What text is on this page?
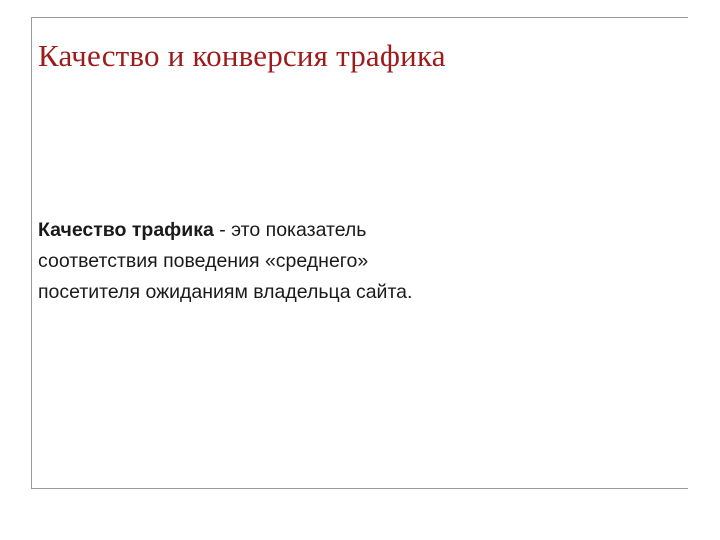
Качество и конверсия трафика
Качество трафика - это показатель
соответствия поведения «среднего»
посетителя ожиданиям владельца сайта.
